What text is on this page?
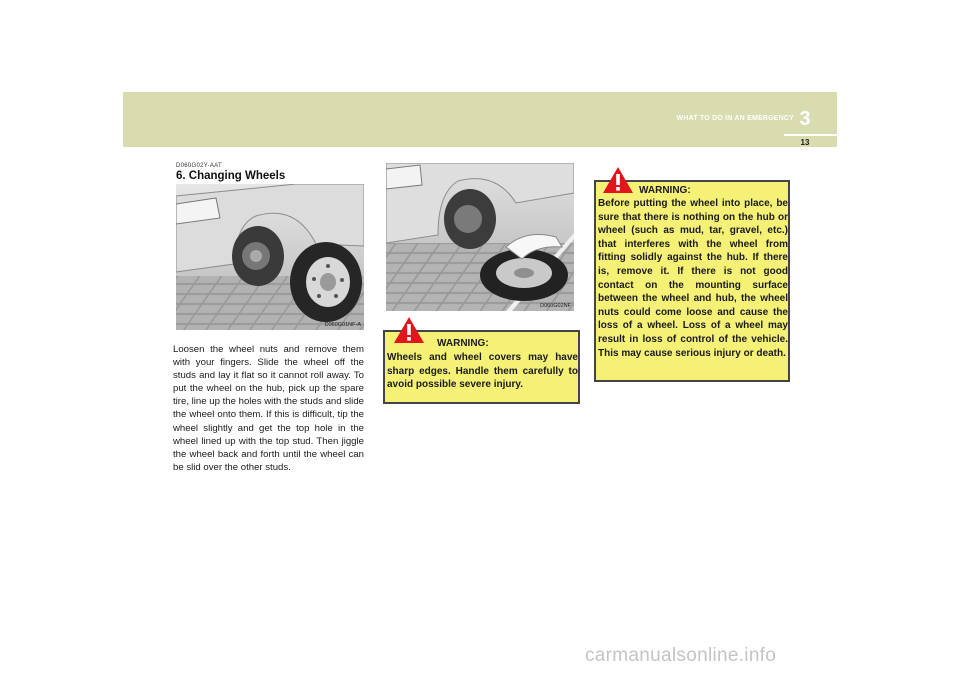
WHAT TO DO IN AN EMERGENCY 3
13
D060G02Y-AAT
6. Changing Wheels
D060G01NF-A
Loosen the wheel nuts and remove them with your fingers. Slide the wheel off the studs and lay it flat so it cannot roll away. To put the wheel on the hub, pick up the spare tire, line up the holes with the studs and slide the wheel onto them. If this is difficult, tip the wheel slightly and get the top hole in the wheel lined up with the top stud. Then jiggle the wheel back and forth until the wheel can be slid over the other studs.
D060G02NF
WARNING:
Wheels and wheel covers may have sharp edges. Handle them carefully to avoid possible severe injury.
WARNING:
Before putting the wheel into place, be sure that there is nothing on the hub or wheel (such as mud, tar, gravel, etc.) that interferes with the wheel from fitting solidly against the hub. If there is, remove it. If there is not good contact on the mounting surface between the wheel and hub, the wheel nuts could come loose and cause the loss of a wheel. Loss of a wheel may result in loss of control of the vehicle. This may cause serious injury or death.
carmanualsonline.info
